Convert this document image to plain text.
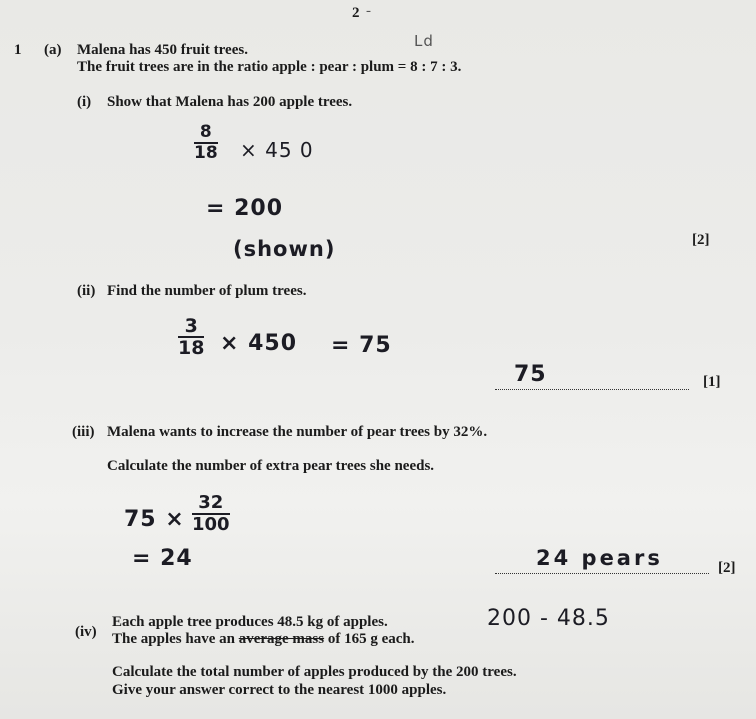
2 -
1 (a) Malena has 450 fruit trees.
The fruit trees are in the ratio apple : pear : plum = 8 : 7 : 3.
Ld
(i) Show that Malena has 200 apple trees.
$\frac{8}{18} \times 45$ 0
= 200
(shown)	[2]
(ii) Find the number of plum trees.
$\frac{3}{18} \times 450 = 75$
75	[1]
(iii) Malena wants to increase the number of pear trees by 32%.
Calculate the number of extra pear trees she needs.
$75 \times \frac{32}{100}$
= 24	24 pears	[2]
(iv)
Each apple tree produces 48.5 kg of apples.
The apples have an average mass of 165 g each.
200 - 48.5
Calculate the total number of apples produced by the 200 trees.
Give your answer correct to the nearest 1000 apples.
